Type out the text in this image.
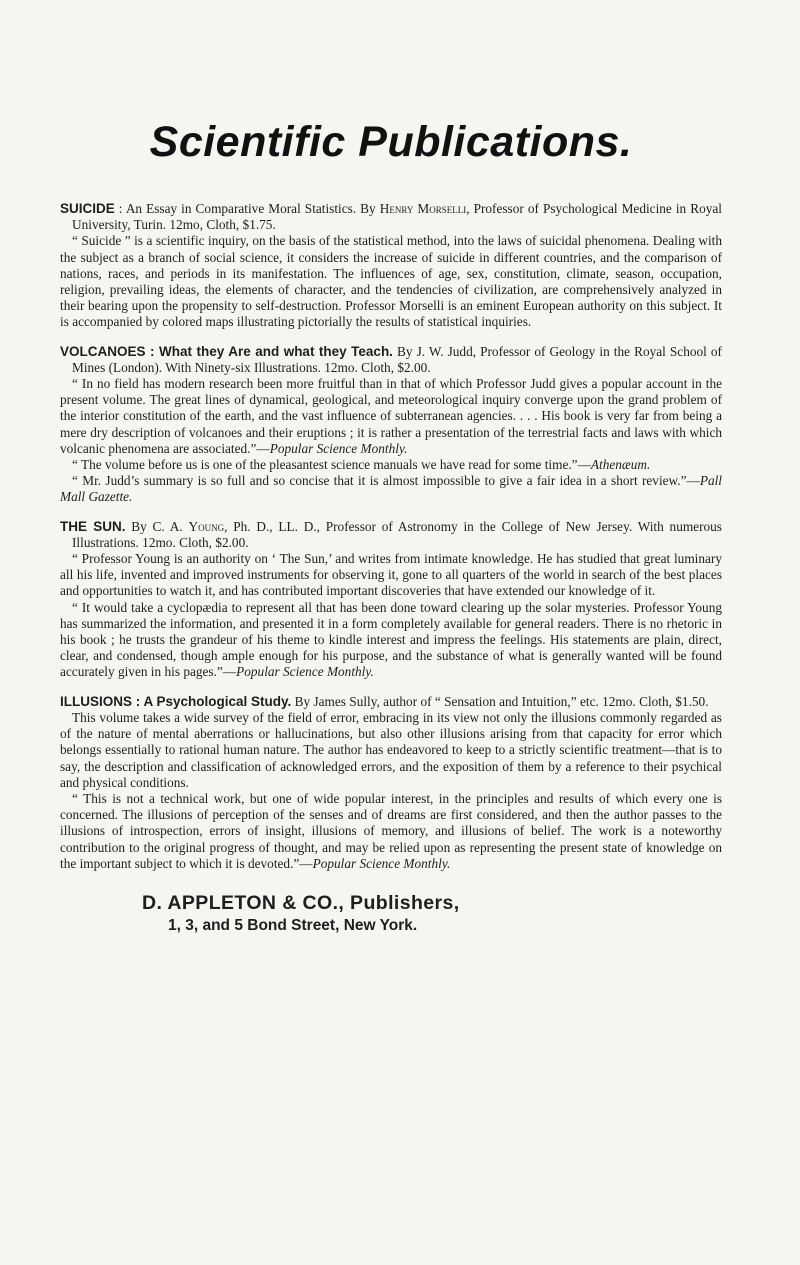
Scientific Publications.

SUICIDE : An Essay in Comparative Moral Statistics. By Henry Morselli, Professor of Psychological Medicine in Royal University, Turin. 12mo, Cloth, $1.75.

“ Suicide ” is a scientific inquiry, on the basis of the statistical method, into the laws of suicidal phenomena. Dealing with the subject as a branch of social science, it considers the increase of suicide in different countries, and the comparison of nations, races, and periods in its manifestation. The influences of age, sex, constitution, climate, season, occupation, religion, prevailing ideas, the elements of character, and the tendencies of civilization, are comprehensively analyzed in their bearing upon the propensity to self-destruction. Professor Morselli is an eminent European authority on this subject. It is accompanied by colored maps illustrating pictorially the results of statistical inquiries.

VOLCANOES : What they Are and what they Teach. By J. W. Judd, Professor of Geology in the Royal School of Mines (London). With Ninety-six Illustrations. 12mo. Cloth, $2.00.

“ In no field has modern research been more fruitful than in that of which Professor Judd gives a popular account in the present volume. The great lines of dynamical, geological, and meteorological inquiry converge upon the grand problem of the interior constitution of the earth, and the vast influence of subterranean agencies. . . . His book is very far from being a mere dry description of volcanoes and their eruptions ; it is rather a presentation of the terrestrial facts and laws with which volcanic phenomena are associated.”—Popular Science Monthly.

“ The volume before us is one of the pleasantest science manuals we have read for some time.”—Athenæum.

“ Mr. Judd’s summary is so full and so concise that it is almost impossible to give a fair idea in a short review.”—Pall Mall Gazette.

THE SUN. By C. A. Young, Ph. D., LL. D., Professor of Astronomy in the College of New Jersey. With numerous Illustrations. 12mo. Cloth, $2.00.

“ Professor Young is an authority on ‘ The Sun,’ and writes from intimate knowledge. He has studied that great luminary all his life, invented and improved instruments for observing it, gone to all quarters of the world in search of the best places and opportunities to watch it, and has contributed important discoveries that have extended our knowledge of it.

“ It would take a cyclopædia to represent all that has been done toward clearing up the solar mysteries. Professor Young has summarized the information, and presented it in a form completely available for general readers. There is no rhetoric in his book ; he trusts the grandeur of his theme to kindle interest and impress the feelings. His statements are plain, direct, clear, and condensed, though ample enough for his purpose, and the substance of what is generally wanted will be found accurately given in his pages.”—Popular Science Monthly.

ILLUSIONS : A Psychological Study. By James Sully, author of “ Sensation and Intuition,” etc. 12mo. Cloth, $1.50.

This volume takes a wide survey of the field of error, embracing in its view not only the illusions commonly regarded as of the nature of mental aberrations or hallucinations, but also other illusions arising from that capacity for error which belongs essentially to rational human nature. The author has endeavored to keep to a strictly scientific treatment—that is to say, the description and classification of acknowledged errors, and the exposition of them by a reference to their psychical and physical conditions.

“ This is not a technical work, but one of wide popular interest, in the principles and results of which every one is concerned. The illusions of perception of the senses and of dreams are first considered, and then the author passes to the illusions of introspection, errors of insight, illusions of memory, and illusions of belief. The work is a noteworthy contribution to the original progress of thought, and may be relied upon as representing the present state of knowledge on the important subject to which it is devoted.”—Popular Science Monthly.

D. APPLETON & CO., Publishers,
1, 3, and 5 Bond Street, New York.
